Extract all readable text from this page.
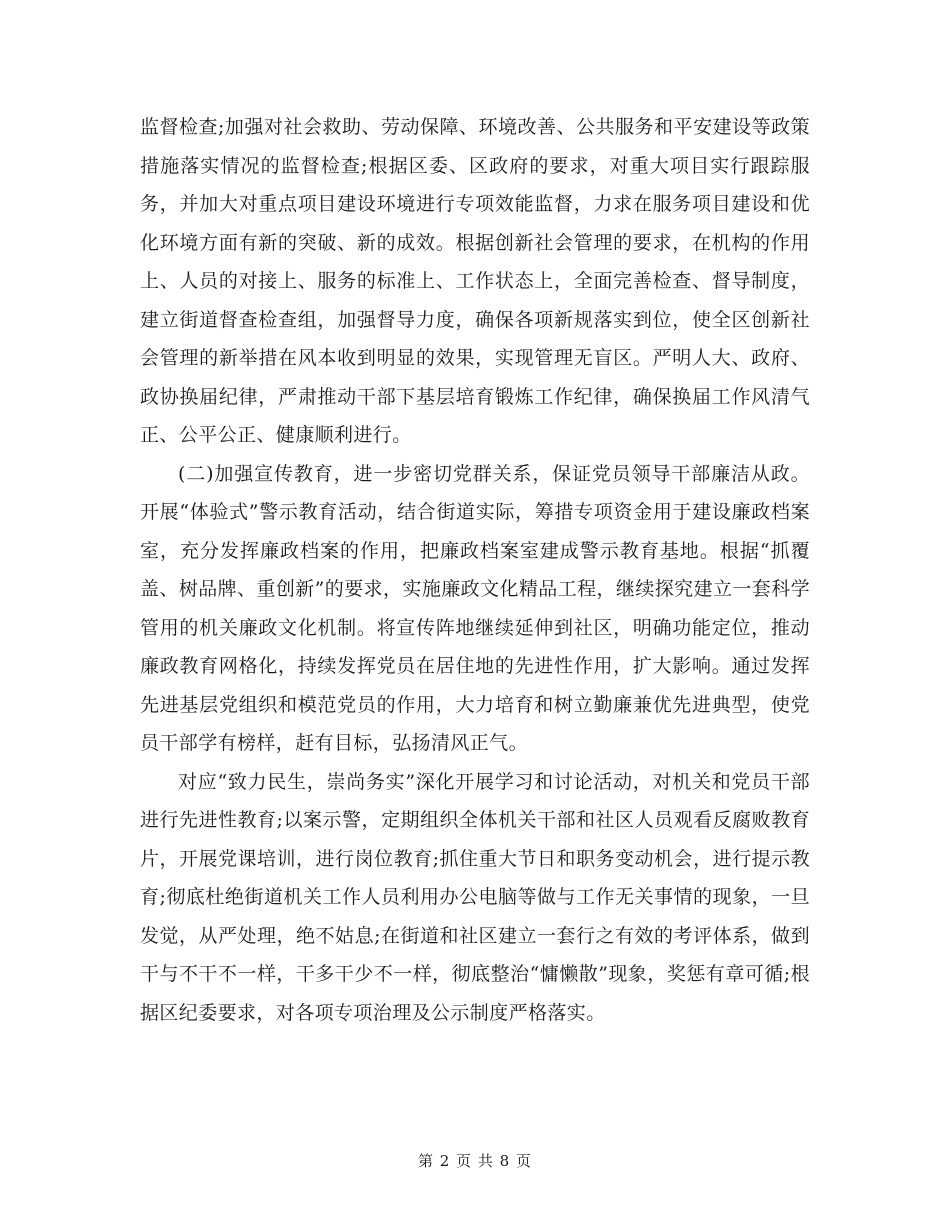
监督检查;加强对社会救助、劳动保障、环境改善、公共服务和平安建设等政策措施落实情况的监督检查;根据区委、区政府的要求，对重大项目实行跟踪服务，并加大对重点项目建设环境进行专项效能监督，力求在服务项目建设和优化环境方面有新的突破、新的成效。根据创新社会管理的要求，在机构的作用上、人员的对接上、服务的标准上、工作状态上，全面完善检查、督导制度，建立街道督查检查组，加强督导力度，确保各项新规落实到位，使全区创新社会管理的新举措在风本收到明显的效果，实现管理无盲区。严明人大、政府、政协换届纪律，严肃推动干部下基层培育锻炼工作纪律，确保换届工作风清气正、公平公正、健康顺利进行。

(二)加强宣传教育，进一步密切党群关系，保证党员领导干部廉洁从政。开展“体验式”警示教育活动，结合街道实际，筹措专项资金用于建设廉政档案室，充分发挥廉政档案的作用，把廉政档案室建成警示教育基地。根据“抓覆盖、树品牌、重创新”的要求，实施廉政文化精品工程，继续探究建立一套科学管用的机关廉政文化机制。将宣传阵地继续延伸到社区，明确功能定位，推动廉政教育网格化，持续发挥党员在居住地的先进性作用，扩大影响。通过发挥先进基层党组织和模范党员的作用，大力培育和树立勤廉兼优先进典型，使党员干部学有榜样，赶有目标，弘扬清风正气。

对应“致力民生，崇尚务实”深化开展学习和讨论活动，对机关和党员干部进行先进性教育;以案示警，定期组织全体机关干部和社区人员观看反腐败教育片，开展党课培训，进行岗位教育;抓住重大节日和职务变动机会，进行提示教育;彻底杜绝街道机关工作人员利用办公电脑等做与工作无关事情的现象，一旦发觉，从严处理，绝不姑息;在街道和社区建立一套行之有效的考评体系，做到干与不干不一样，干多干少不一样，彻底整治“慵懒散”现象，奖惩有章可循;根据区纪委要求，对各项专项治理及公示制度严格落实。

第 2 页 共 8 页
